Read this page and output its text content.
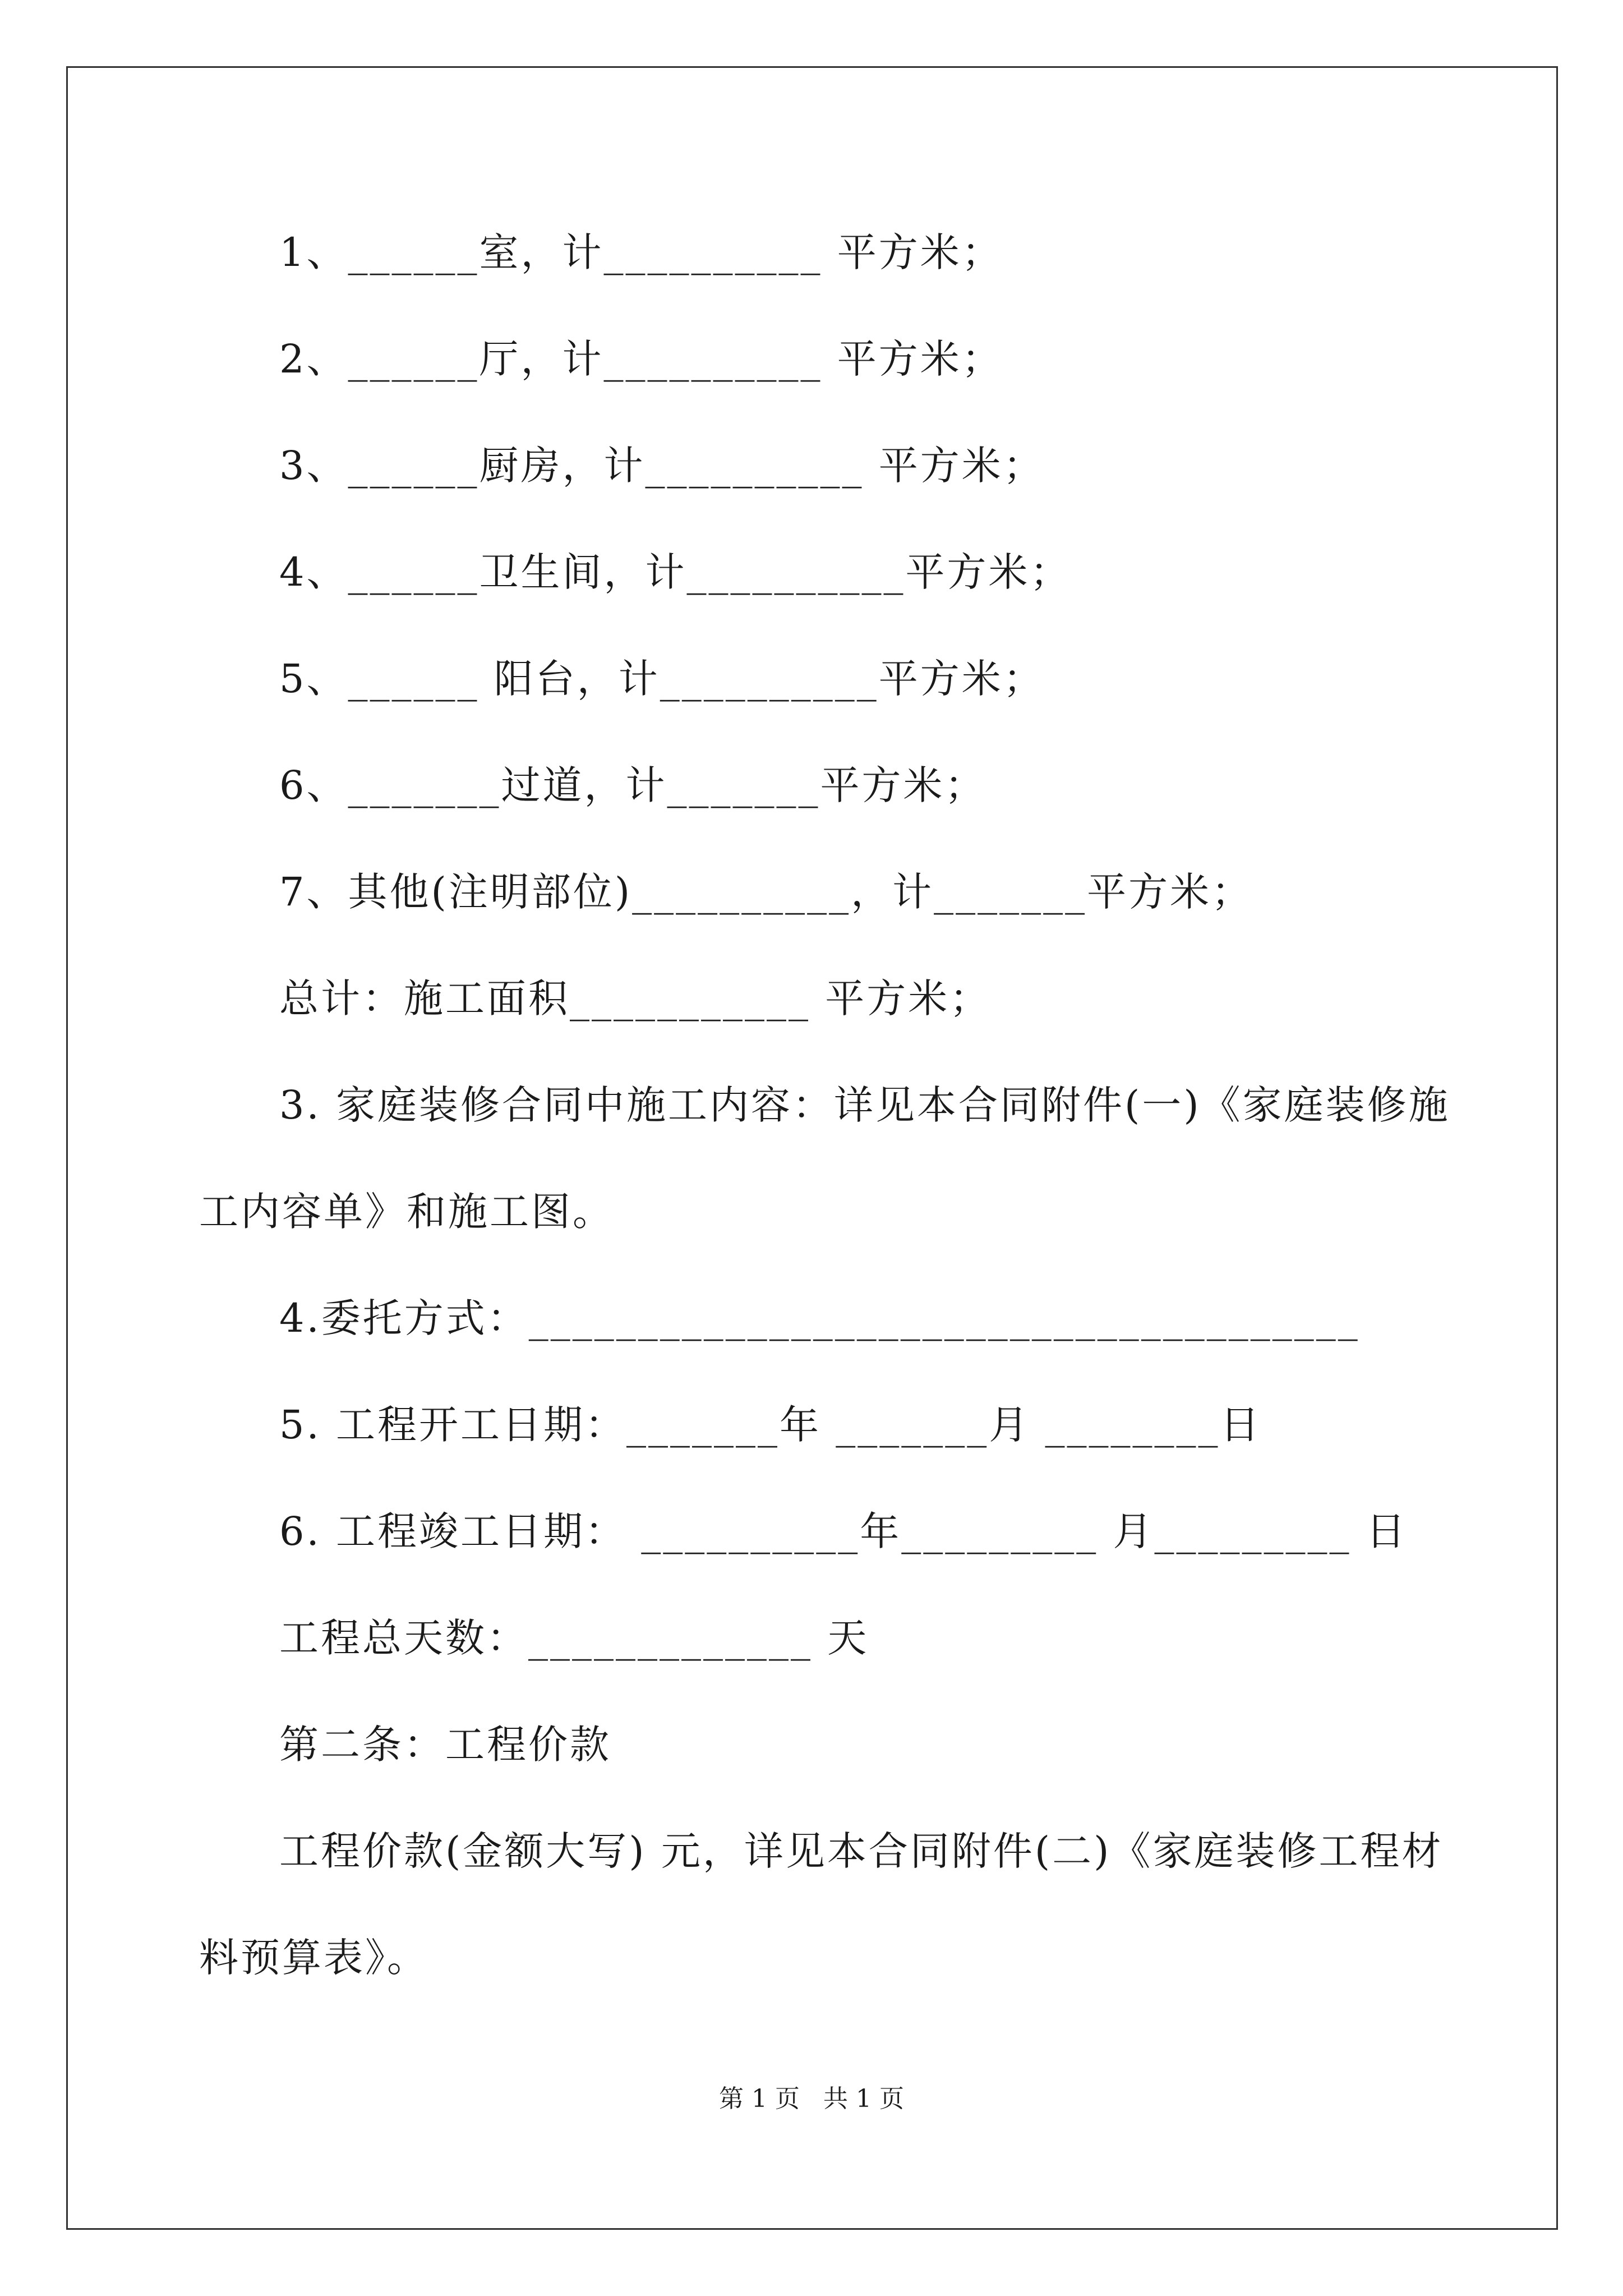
1、______室，计__________ 平方米；

2、______厅，计__________ 平方米；

3、______厨房，计__________ 平方米；

4、______卫生间，计__________平方米；

5、______ 阳台，计__________平方米；

6、_______过道，计_______平方米；

7、其他(注明部位)__________，计_______平方米；

总计：施工面积___________ 平方米；

3. 家庭装修合同中施工内容：详见本合同附件(一)《家庭装修施

工内容单》和施工图。

4.委托方式：______________________________________

5. 工程开工日期：_______年 _______月 ________日

6. 工程竣工日期： __________年_________ 月_________ 日

工程总天数：_____________ 天

第二条：工程价款

工程价款(金额大写) 元，详见本合同附件(二)《家庭装修工程材

料预算表》。

第 1 页   共 1 页
